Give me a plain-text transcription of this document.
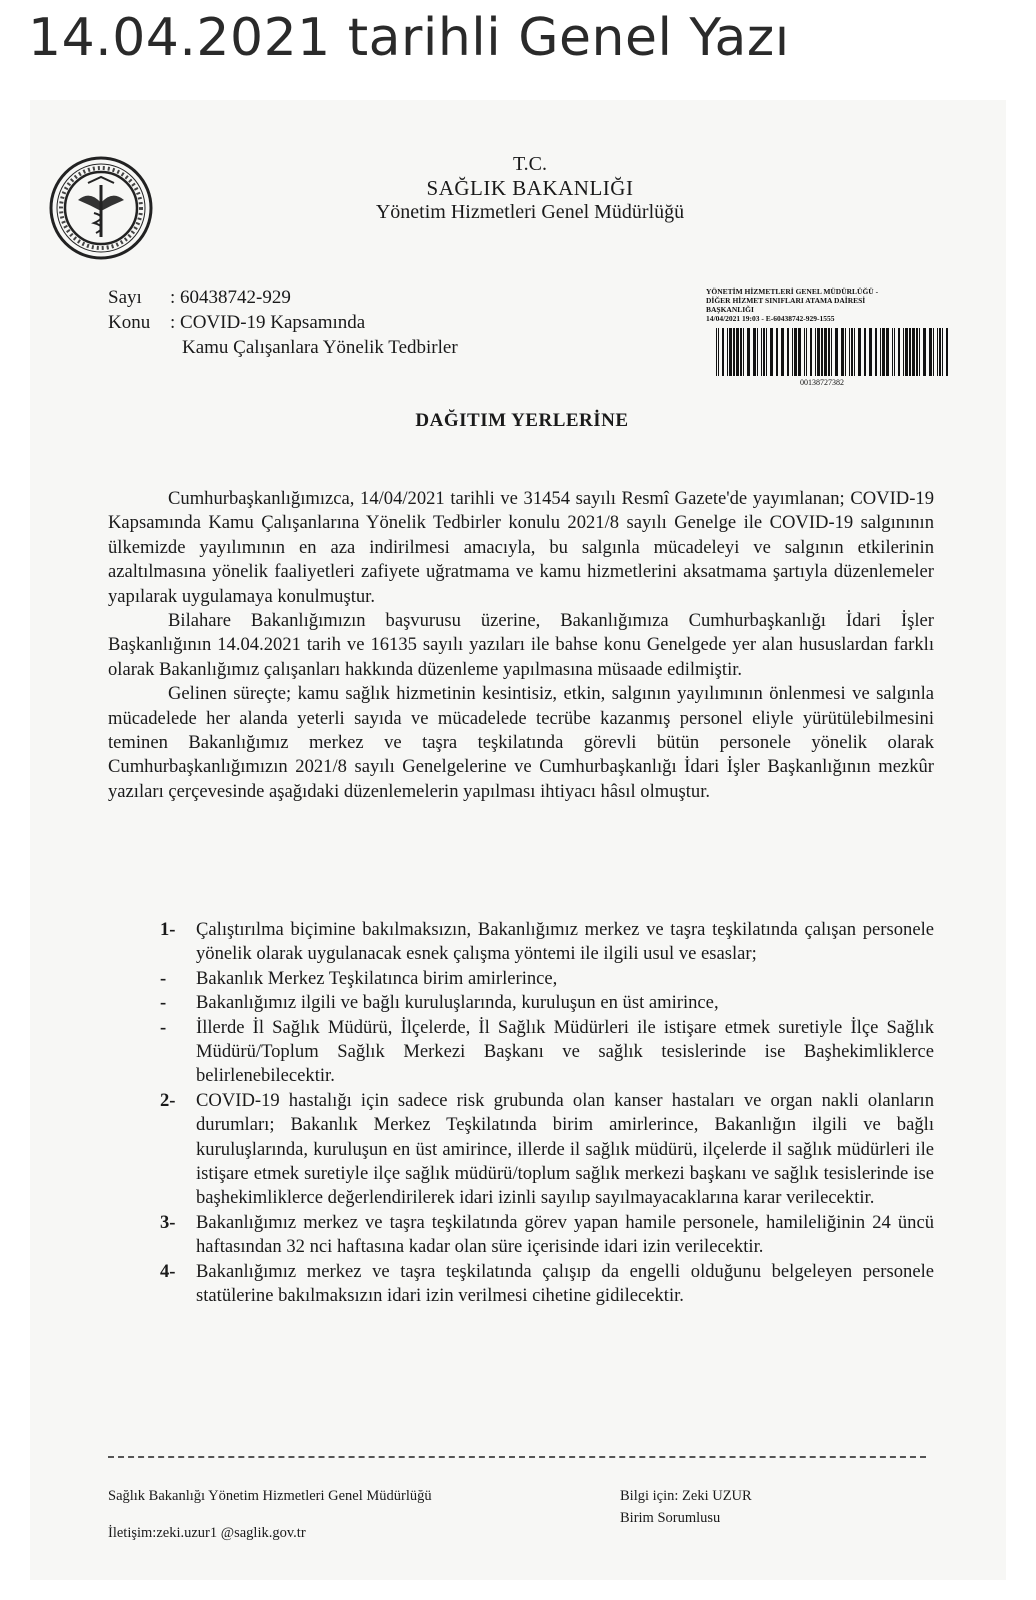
14.04.2021 tarihli Genel Yazı
T.C.
SAĞLIK BAKANLIĞI
Yönetim Hizmetleri Genel Müdürlüğü
Sayı	: 60438742-929
Konu	: COVID-19 Kapsamında
Kamu Çalışanlara Yönelik Tedbirler
YÖNETİM HİZMETLERİ GENEL MÜDÜRLÜĞÜ -
DİĞER HİZMET SINIFLARI ATAMA DAİRESİ
BAŞKANLIĞI
14/04/2021 19:03 - E-60438742-929-1555
00138727382
DAĞITIM YERLERİNE

Cumhurbaşkanlığımızca, 14/04/2021 tarihli ve 31454 sayılı Resmî Gazete'de yayımlanan; COVID-19 Kapsamında Kamu Çalışanlarına Yönelik Tedbirler konulu 2021/8 sayılı Genelge ile COVID-19 salgınının ülkemizde yayılımının en aza indirilmesi amacıyla, bu salgınla mücadeleyi ve salgının etkilerinin azaltılmasına yönelik faaliyetleri zafiyete uğratmama ve kamu hizmetlerini aksatmama şartıyla düzenlemeler yapılarak uygulamaya konulmuştur.

Bilahare Bakanlığımızın başvurusu üzerine, Bakanlığımıza Cumhurbaşkanlığı İdari İşler Başkanlığının 14.04.2021 tarih ve 16135 sayılı yazıları ile bahse konu Genelgede yer alan hususlardan farklı olarak Bakanlığımız çalışanları hakkında düzenleme yapılmasına müsaade edilmiştir.

Gelinen süreçte; kamu sağlık hizmetinin kesintisiz, etkin, salgının yayılımının önlenmesi ve salgınla mücadelede her alanda yeterli sayıda ve mücadelede tecrübe kazanmış personel eliyle yürütülebilmesini teminen Bakanlığımız merkez ve taşra teşkilatında görevli bütün personele yönelik olarak Cumhurbaşkanlığımızın 2021/8 sayılı Genelgelerine ve Cumhurbaşkanlığı İdari İşler Başkanlığının mezkûr yazıları çerçevesinde aşağıdaki düzenlemelerin yapılması ihtiyacı hâsıl olmuştur.

1-	Çalıştırılma biçimine bakılmaksızın, Bakanlığımız merkez ve taşra teşkilatında çalışan personele yönelik olarak uygulanacak esnek çalışma yöntemi ile ilgili usul ve esaslar;
-	Bakanlık Merkez Teşkilatınca birim amirlerince,
-	Bakanlığımız ilgili ve bağlı kuruluşlarında, kuruluşun en üst amirince,
-	İllerde İl Sağlık Müdürü, İlçelerde, İl Sağlık Müdürleri ile istişare etmek suretiyle İlçe Sağlık Müdürü/Toplum Sağlık Merkezi Başkanı ve sağlık tesislerinde ise Başhekimliklerce belirlenebilecektir.
2-	COVID-19 hastalığı için sadece risk grubunda olan kanser hastaları ve organ nakli olanların durumları; Bakanlık Merkez Teşkilatında birim amirlerince, Bakanlığın ilgili ve bağlı kuruluşlarında, kuruluşun en üst amirince, illerde il sağlık müdürü, ilçelerde il sağlık müdürleri ile istişare etmek suretiyle ilçe sağlık müdürü/toplum sağlık merkezi başkanı ve sağlık tesislerinde ise başhekimliklerce değerlendirilerek idari izinli sayılıp sayılmayacaklarına karar verilecektir.
3-	Bakanlığımız merkez ve taşra teşkilatında görev yapan hamile personele, hamileliğinin 24 üncü haftasından 32 nci haftasına kadar olan süre içerisinde idari izin verilecektir.
4-	Bakanlığımız merkez ve taşra teşkilatında çalışıp da engelli olduğunu belgeleyen personele statülerine bakılmaksızın idari izin verilmesi cihetine gidilecektir.
Sağlık Bakanlığı Yönetim Hizmetleri Genel Müdürlüğü
İletişim:zeki.uzur1 @saglik.gov.tr
Bilgi için: Zeki UZUR
Birim Sorumlusu
